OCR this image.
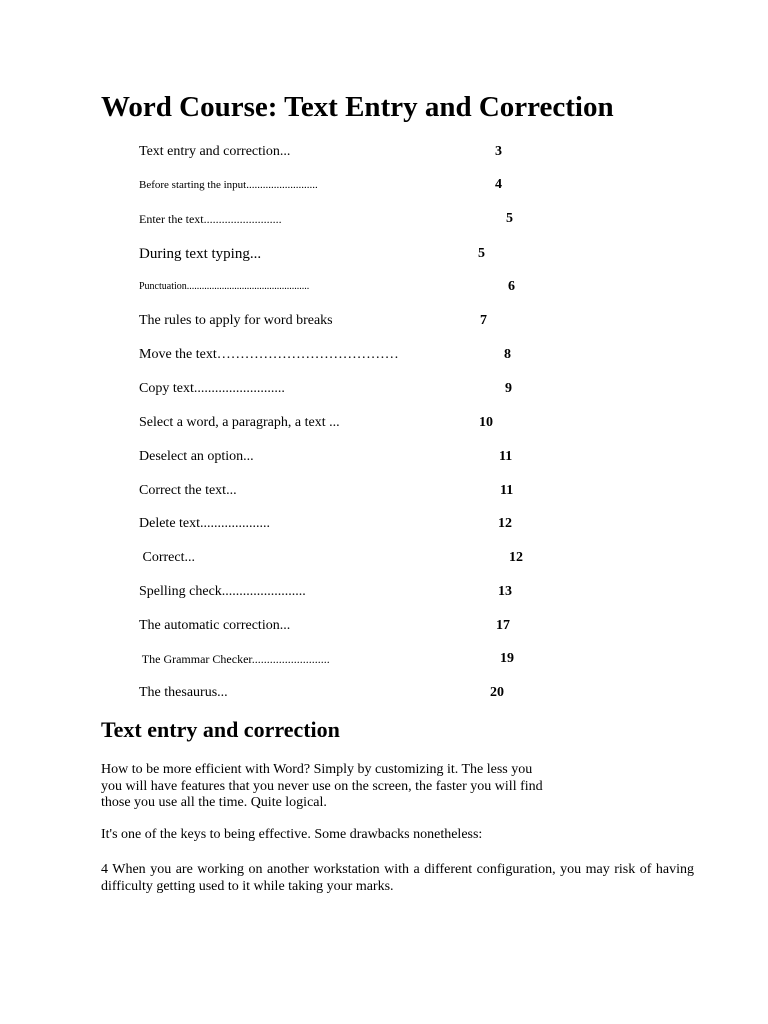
Word Course: Text Entry and Correction
Text entry and correction...	3
Before starting the input..........................	4
Enter the text..........................	5
During text typing...	5
Punctuation.................................................	6
The rules to apply for word breaks	7
Move the text…………………………………	8
Copy text..........................	9
Select a word, a paragraph, a text ...	10
Deselect an option...	11
Correct the text...	11
Delete text....................	12
Correct...	12
Spelling check........................	13
The automatic correction...	17
The Grammar Checker..........................	19
The thesaurus...	20
Text entry and correction

How to be more efficient with Word? Simply by customizing it. The less you
you will have features that you never use on the screen, the faster you will find
those you use all the time. Quite logical.

It's one of the keys to being effective. Some drawbacks nonetheless:

4 When you are working on another workstation with a different configuration, you may risk of having difficulty getting used to it while taking your marks.
